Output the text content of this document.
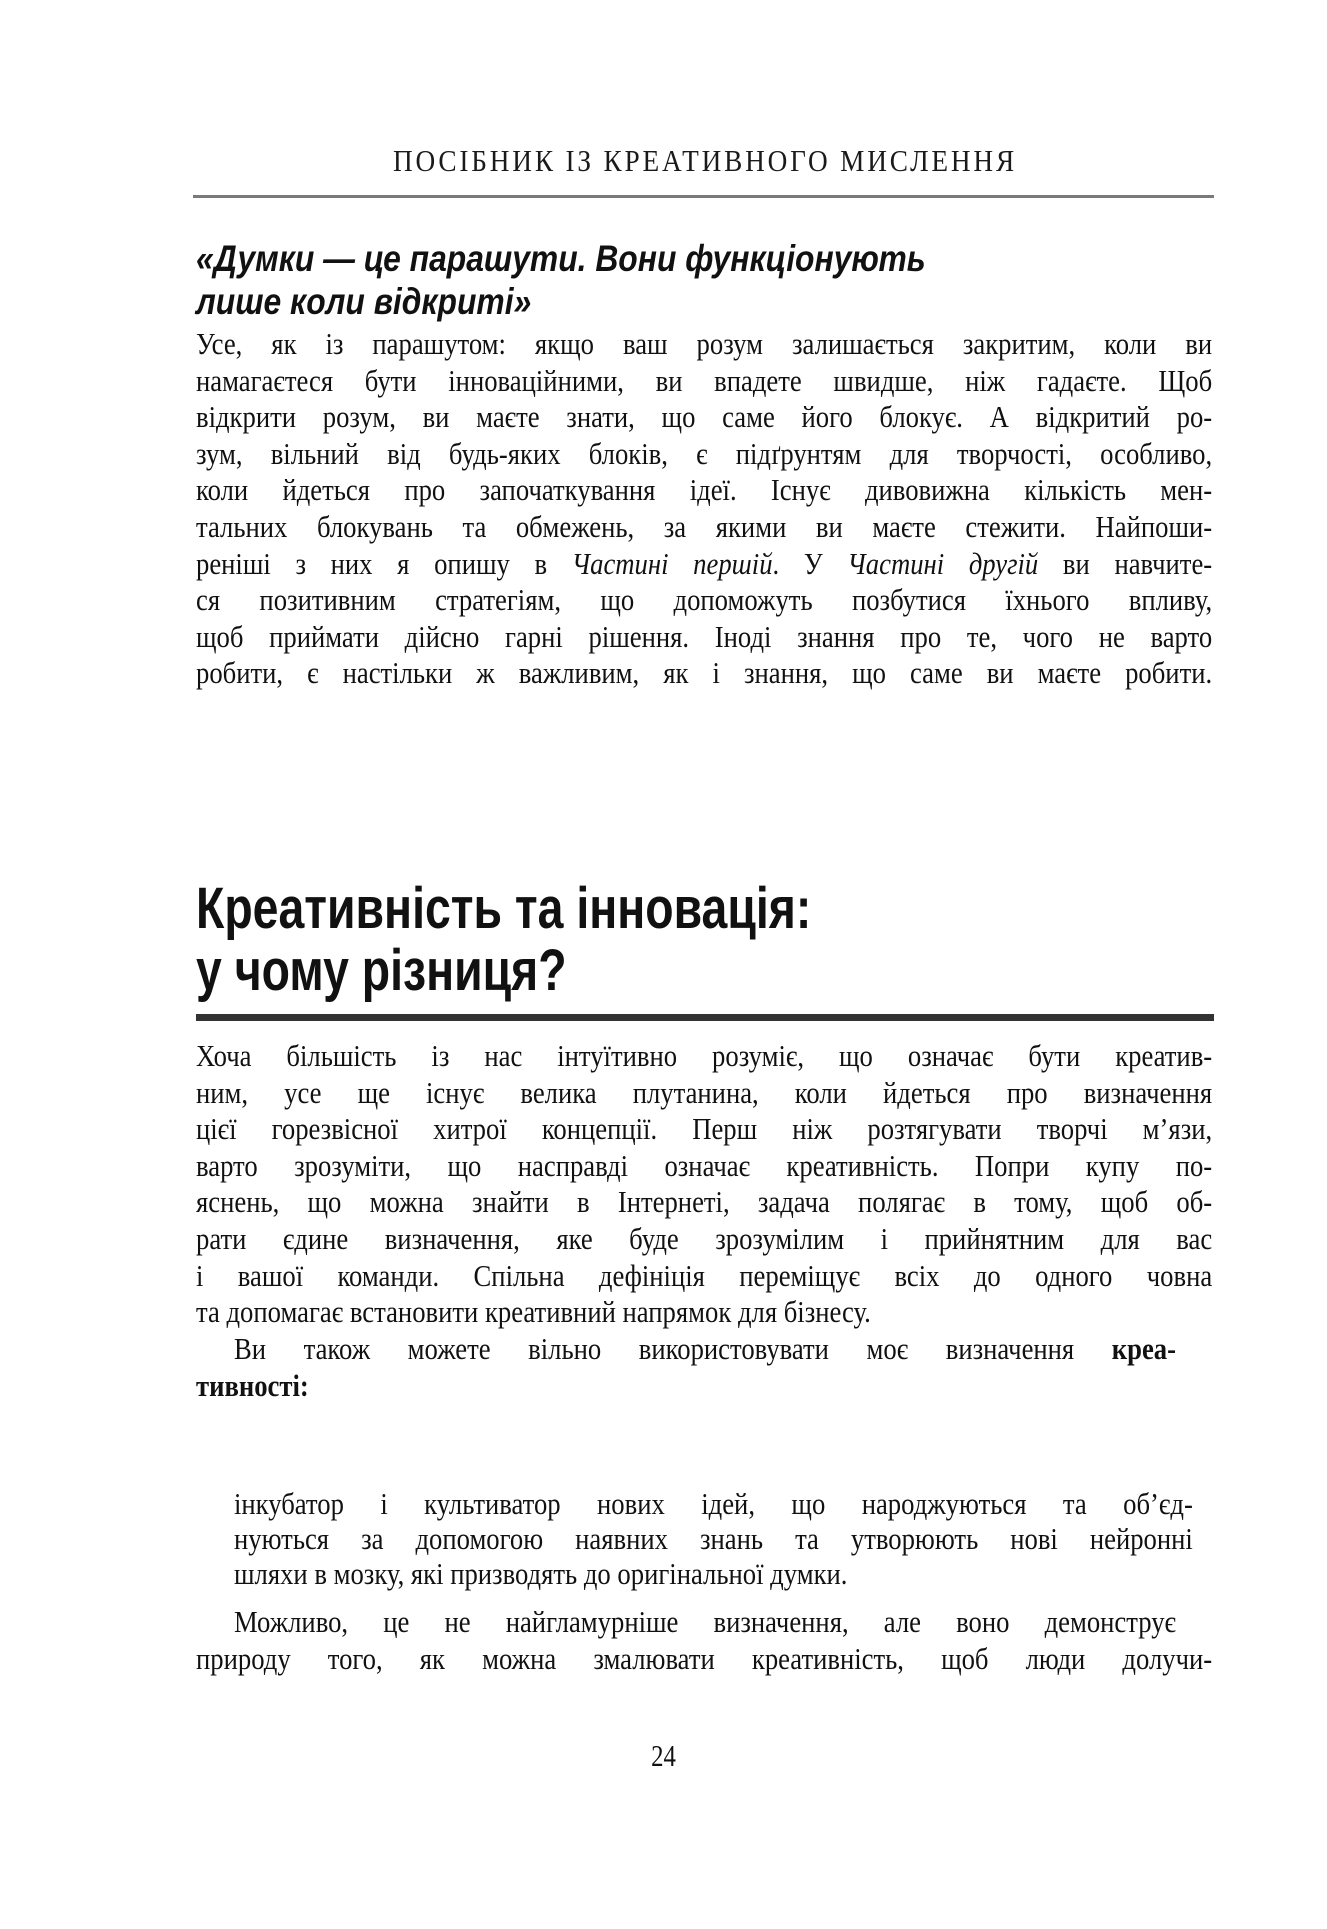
ПОСІБНИК ІЗ КРЕАТИВНОГО МИСЛЕННЯ
«Думки — це парашути. Вони функціонують
лише коли відкриті»
Усе, як із парашутом: якщо ваш розум залишається закритим, коли ви
намагаєтеся бути інноваційними, ви впадете швидше, ніж гадаєте. Щоб
відкрити розум, ви маєте знати, що саме його блокує. А відкритий ро-
зум, вільний від будь-яких блоків, є підґрунтям для творчості, особливо,
коли йдеться про започаткування ідеї. Існує дивовижна кількість мен-
тальних блокувань та обмежень, за якими ви маєте стежити. Найпоши-
реніші з них я опишу в Частині першій. У Частині другій ви навчите-
ся позитивним стратегіям, що допоможуть позбутися їхнього впливу,
щоб приймати дійсно гарні рішення. Іноді знання про те, чого не варто
робити, є настільки ж важливим, як і знання, що саме ви маєте робити.
Креативність та інновація:
у чому різниця?
Хоча більшість із нас інтуїтивно розуміє, що означає бути креатив-
ним, усе ще існує велика плутанина, коли йдеться про визначення
цієї горезвісної хитрої концепції. Перш ніж розтягувати творчі м’язи,
варто зрозуміти, що насправді означає креативність. Попри купу по-
яснень, що можна знайти в Інтернеті, задача полягає в тому, щоб об-
рати єдине визначення, яке буде зрозумілим і прийнятним для вас
і вашої команди. Спільна дефініція переміщує всіх до одного човна
та допомагає встановити креативний напрямок для бізнесу.
Ви також можете вільно використовувати моє визначення креа-
тивності:
інкубатор і культиватор нових ідей, що народжуються та об’єд-
нуються за допомогою наявних знань та утворюють нові нейронні
шляхи в мозку, які призводять до оригінальної думки.
Можливо, це не найгламурніше визначення, але воно демонструє
природу того, як можна змалювати креативність, щоб люди долучи-
24
